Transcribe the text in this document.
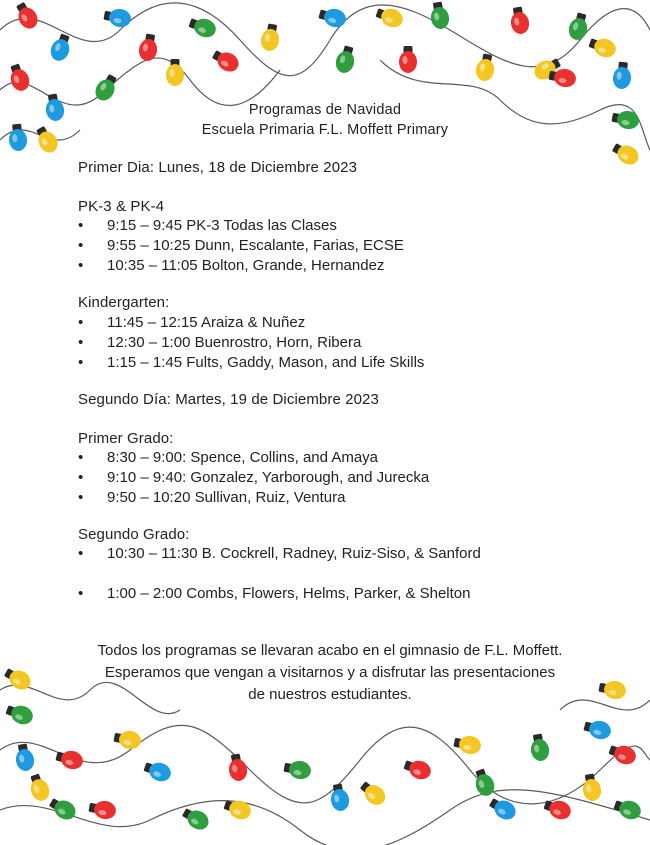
Programas de Navidad
Escuela Primaria F.L. Moffett Primary
Primer Dia: Lunes, 18 de Diciembre 2023
PK-3 & PK-4
•	9:15 – 9:45 PK-3 Todas las Clases
•	9:55 – 10:25 Dunn, Escalante, Farias, ECSE
•	10:35 – 11:05 Bolton, Grande, Hernandez
Kindergarten:
•	11:45 – 12:15 Araiza & Nuñez
•	12:30 – 1:00 Buenrostro, Horn, Ribera
•	1:15 – 1:45 Fults, Gaddy, Mason, and Life Skills
Segundo Día: Martes, 19 de Diciembre 2023
Primer Grado:
•	8:30 – 9:00: Spence, Collins, and Amaya
•	9:10 – 9:40: Gonzalez, Yarborough, and Jurecka
•	9:50 – 10:20 Sullivan, Ruiz, Ventura
Segundo Grado:
•	10:30 – 11:30 B. Cockrell, Radney, Ruiz-Siso, & Sanford
•	1:00 – 2:00 Combs, Flowers, Helms, Parker, & Shelton
Todos los programas se llevaran acabo en el gimnasio de F.L. Moffett. Esperamos que vengan a visitarnos y a disfrutar las presentaciones de nuestros estudiantes.
